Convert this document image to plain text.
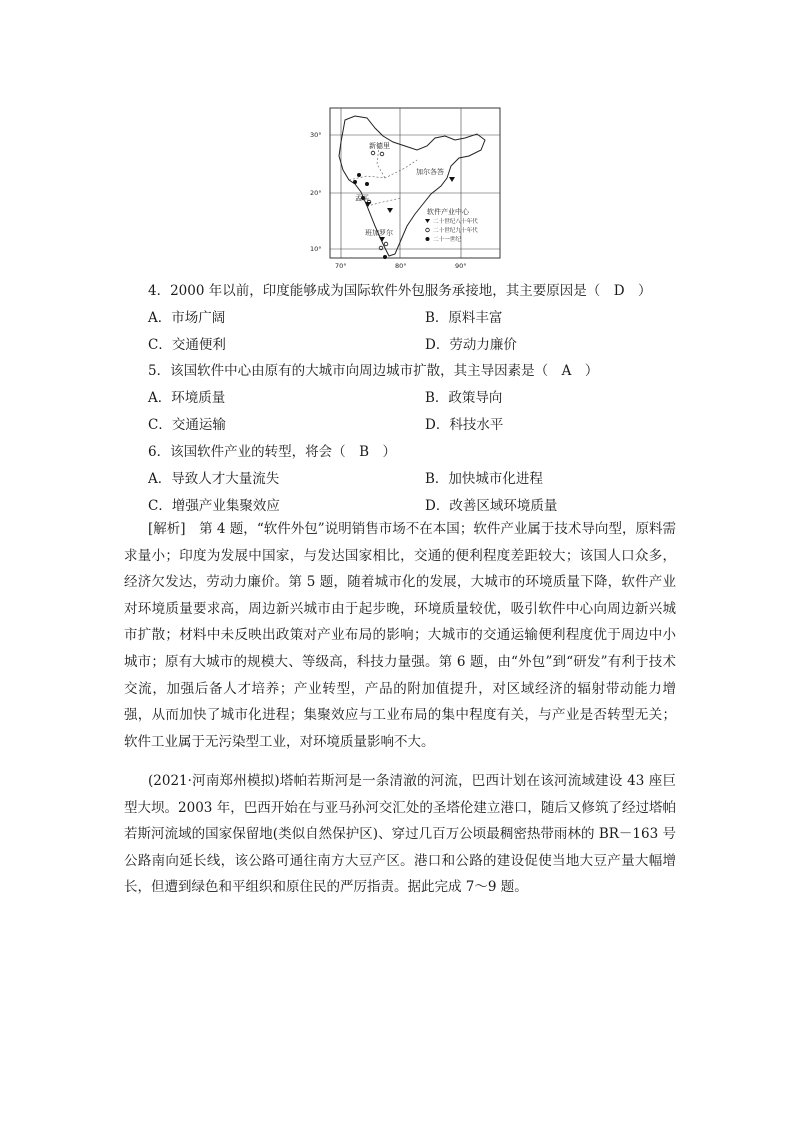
30°
20°
10°
70°	80°	90°
新德里
加尔各答
孟买
班加罗尔
软件产业中心
二十世纪八十年代
二十世纪九十年代
二十一世纪
4．2000 年以前，印度能够成为国际软件外包服务承接地，其主要原因是（　D　）
A．市场广阔	B．原料丰富
C．交通便利	D．劳动力廉价
5．该国软件中心由原有的大城市向周边城市扩散，其主导因素是（　A　）
A．环境质量	B．政策导向
C．交通运输	D．科技水平
6．该国软件产业的转型，将会（　B　）
A．导致人才大量流失	B．加快城市化进程
C．增强产业集聚效应	D．改善区域环境质量
[解析]　第 4 题，“软件外包”说明销售市场不在本国；软件产业属于技术导向型，原料需求量小；印度为发展中国家，与发达国家相比，交通的便利程度差距较大；该国人口众多，经济欠发达，劳动力廉价。第 5 题，随着城市化的发展，大城市的环境质量下降，软件产业对环境质量要求高，周边新兴城市由于起步晚，环境质量较优，吸引软件中心向周边新兴城市扩散；材料中未反映出政策对产业布局的影响；大城市的交通运输便利程度优于周边中小城市；原有大城市的规模大、等级高，科技力量强。第 6 题，由“外包”到“研发”有利于技术交流，加强后备人才培养；产业转型，产品的附加值提升，对区域经济的辐射带动能力增强，从而加快了城市化进程；集聚效应与工业布局的集中程度有关，与产业是否转型无关；软件工业属于无污染型工业，对环境质量影响不大。
(2021·河南郑州模拟)塔帕若斯河是一条清澈的河流，巴西计划在该河流域建设 43 座巨型大坝。2003 年，巴西开始在与亚马孙河交汇处的圣塔伦建立港口，随后又修筑了经过塔帕若斯河流域的国家保留地(类似自然保护区)、穿过几百万公顷最稠密热带雨林的 BR－163 号公路南向延长线，该公路可通往南方大豆产区。港口和公路的建设促使当地大豆产量大幅增长，但遭到绿色和平组织和原住民的严厉指责。据此完成 7～9 题。
